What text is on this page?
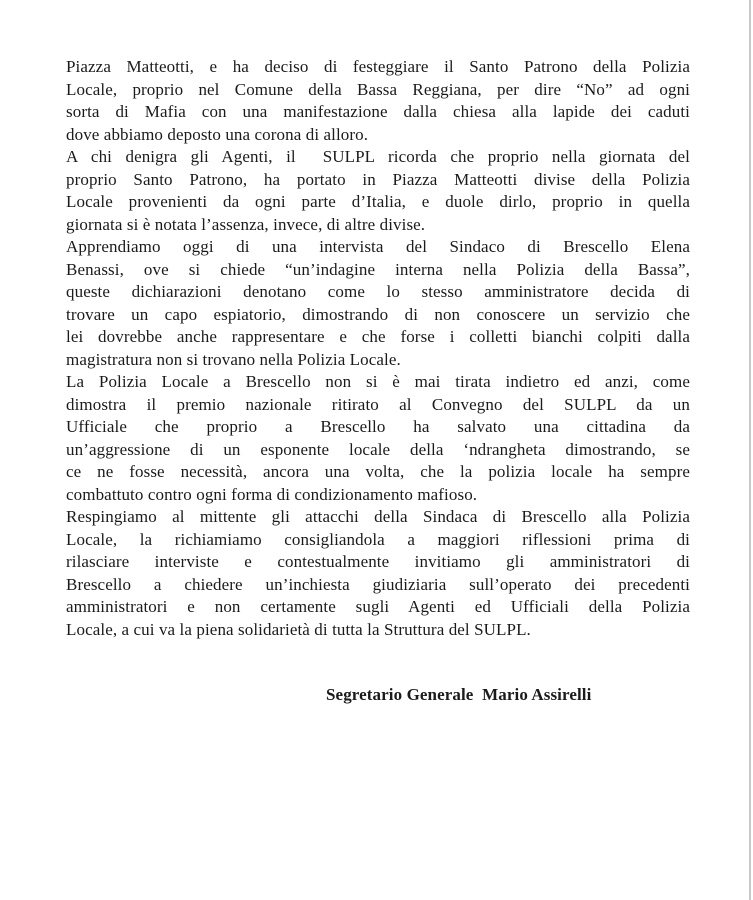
Piazza Matteotti, e ha deciso di festeggiare il Santo Patrono della Polizia
Locale, proprio nel Comune della Bassa Reggiana, per dire “No” ad ogni
sorta di Mafia con una manifestazione dalla chiesa alla lapide dei caduti
dove abbiamo deposto una corona di alloro.
A chi denigra gli Agenti, il  SULPL ricorda che proprio nella giornata del
proprio Santo Patrono, ha portato in Piazza Matteotti divise della Polizia
Locale provenienti da ogni parte d’Italia, e duole dirlo, proprio in quella
giornata si è notata l’assenza, invece, di altre divise.
Apprendiamo oggi di una intervista del Sindaco di Brescello Elena
Benassi, ove si chiede “un’indagine interna nella Polizia della Bassa”,
queste dichiarazioni denotano come lo stesso amministratore decida di
trovare un capo espiatorio, dimostrando di non conoscere un servizio che
lei dovrebbe anche rappresentare e che forse i colletti bianchi colpiti dalla
magistratura non si trovano nella Polizia Locale.
La Polizia Locale a Brescello non si è mai tirata indietro ed anzi, come
dimostra il premio nazionale ritirato al Convegno del SULPL da un
Ufficiale che proprio a Brescello ha salvato una cittadina da
un’aggressione di un esponente locale della ‘ndrangheta dimostrando, se
ce ne fosse necessità, ancora una volta, che la polizia locale ha sempre
combattuto contro ogni forma di condizionamento mafioso.
Respingiamo al mittente gli attacchi della Sindaca di Brescello alla Polizia
Locale, la richiamiamo consigliandola a maggiori riflessioni prima di
rilasciare interviste e contestualmente invitiamo gli amministratori di
Brescello a chiedere un’inchiesta giudiziaria sull’operato dei precedenti
amministratori e non certamente sugli Agenti ed Ufficiali della Polizia
Locale, a cui va la piena solidarietà di tutta la Struttura del SULPL.
Segretario Generale  Mario Assirelli
